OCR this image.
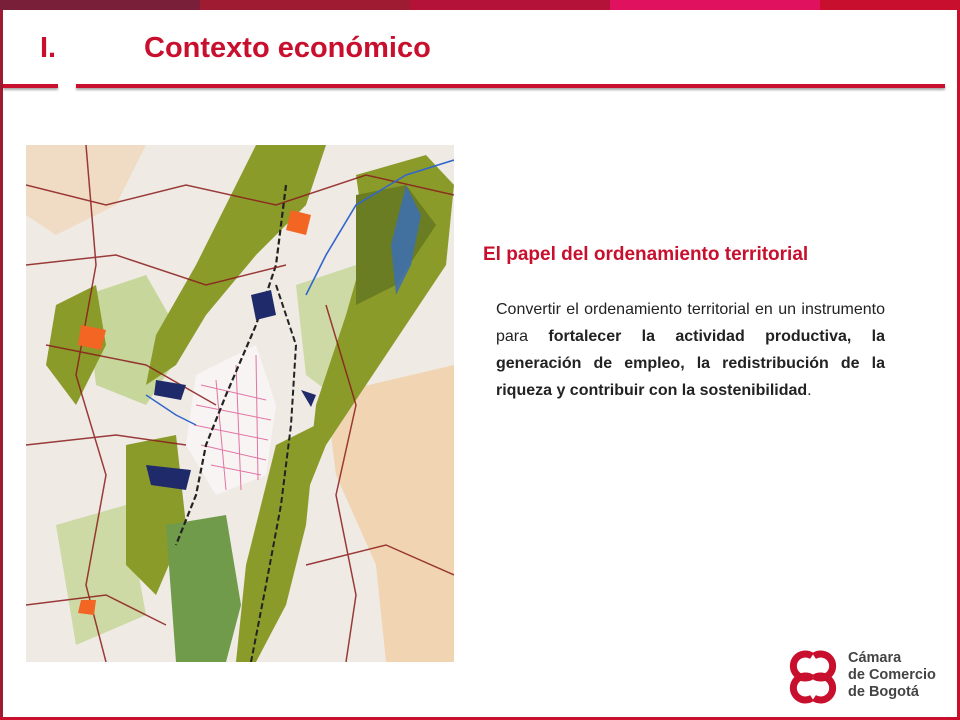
I.	Contexto económico
El papel del ordenamiento territorial
Convertir el ordenamiento territorial en un instrumento para fortalecer la actividad productiva, la generación de empleo, la redistribución de la riqueza y contribuir con la sostenibilidad.
Cámara
de Comercio
de Bogotá
